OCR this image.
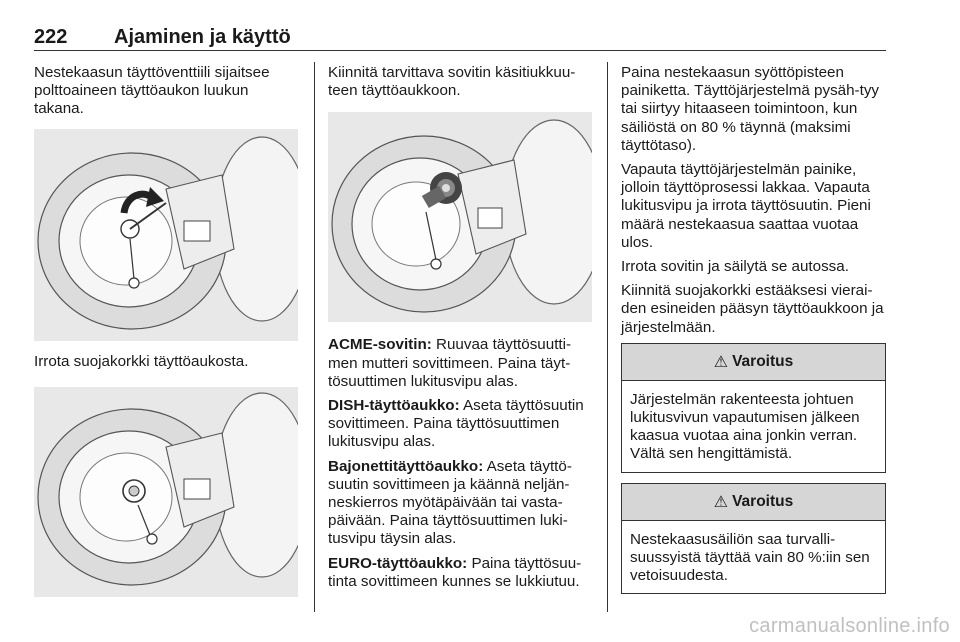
222 Ajaminen ja käyttö

Nestekaasun täyttöventtiili sijaitsee polttoaineen täyttöaukon luukun takana.

Irrota suojakorkki täyttöaukosta.

Kiinnitä tarvittava sovitin käsitiukkuu-teen täyttöaukkoon.

ACME-sovitin: Ruuvaa täyttösuutti-men mutteri sovittimeen. Paina täyt-tösuuttimen lukitusvipu alas.

DISH-täyttöaukko: Aseta täyttösuutin sovittimeen. Paina täyttösuuttimen lukitusvipu alas.

Bajonettitäyttöaukko: Aseta täyttö-suutin sovittimeen ja käännä neljän-neskierros myötäpäivään tai vasta-päivään. Paina täyttösuuttimen luki-tusvipu täysin alas.

EURO-täyttöaukko: Paina täyttösuu-tinta sovittimeen kunnes se lukkiutuu.

Paina nestekaasun syöttöpisteen painiketta. Täyttöjärjestelmä pysäh-tyy tai siirtyy hitaaseen toimintoon, kun säiliöstä on 80 % täynnä (maksimi täyttötaso).

Vapauta täyttöjärjestelmän painike, jolloin täyttöprosessi lakkaa. Vapauta lukitusvipu ja irrota täyttösuutin. Pieni määrä nestekaasua saattaa vuotaa ulos.

Irrota sovitin ja säilytä se autossa.

Kiinnitä suojakorkki estääksesi vierai-den esineiden pääsyn täyttöaukkoon ja järjestelmään.

⚠ Varoitus
Järjestelmän rakenteesta johtuen lukitusvivun vapautumisen jälkeen kaasua vuotaa aina jonkin verran. Vältä sen hengittämistä.
⚠ Varoitus
Nestekaasusäiliön saa turvalli-suussyistä täyttää vain 80 %:iin sen vetoisuudesta.
carmanualsonline.info
